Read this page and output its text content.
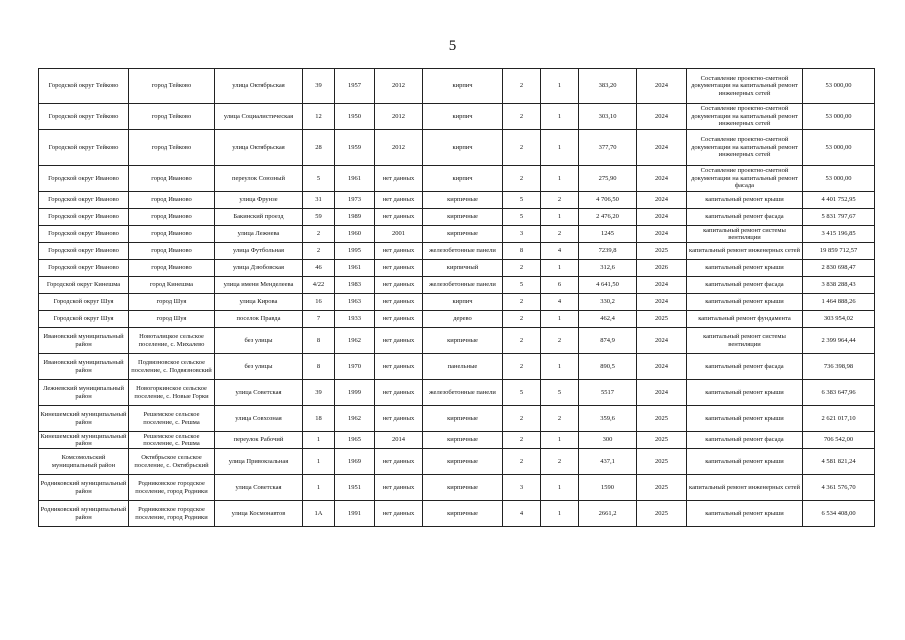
5
Городской округ Тейково	город Тейково	улица Октябрьская	39	1957	2012	кирпич	2	1	383,20	2024	Составление проектно-сметной документации на капитальный ремонт инженерных сетей	53 000,00
Городской округ Тейково	город Тейково	улица Социалистическая	12	1950	2012	кирпич	2	1	303,10	2024	Составление проектно-сметной документации на капитальный ремонт инженерных сетей	53 000,00
Городской округ Тейково	город Тейково	улица Октябрьская	28	1959	2012	кирпич	2	1	377,70	2024	Составление проектно-сметной документации на капитальный ремонт инженерных сетей	53 000,00
Городской округ Иваново	город Иваново	переулок Союзный	5	1961	нет данных	кирпич	2	1	275,90	2024	Составление проектно-сметной документации на капитальный ремонт фасада	53 000,00
Городской округ Иваново	город Иваново	улица Фрунзе	31	1973	нет данных	кирпичные	5	2	4 706,50	2024	капитальный ремонт крыши	4 401 752,95
Городской округ Иваново	город Иваново	Бакинский проезд	59	1989	нет данных	кирпичные	5	1	2 476,20	2024	капитальный ремонт фасада	5 831 797,67
Городской округ Иваново	город Иваново	улица Лежнева	2	1960	2001	кирпичные	3	2	1245	2024	капитальный ремонт системы вентиляции	3 415 196,85
Городской округ Иваново	город Иваново	улица Футбольная	2	1995	нет данных	железобетонные панели	8	4	7239,8	2025	капитальный ремонт инженерных сетей	19 859 712,57
Городской округ Иваново	город Иваново	улица Дзюбовская	46	1961	нет данных	кирпичный	2	1	312,6	2026	капитальный ремонт крыши	2 830 698,47
Городской округ Кинешма	город Кинешма	улица имени Менделеева	4/22	1983	нет данных	железобетонные панели	5	6	4 641,50	2024	капитальный ремонт фасада	3 838 288,43
Городской округ Шуя	город Шуя	улица Кирова	16	1963	нет данных	кирпич	2	4	330,2	2024	капитальный ремонт крыши	1 464 888,26
Городской округ Шуя	город Шуя	поселок Правда	7	1933	нет данных	дерево	2	1	462,4	2025	капитальный ремонт фундамента	303 954,02
Ивановский муниципальный район	Новоталицкое сельское поселение, с. Михалево	без улицы	8	1962	нет данных	кирпичные	2	2	874,9	2024	капитальный ремонт системы вентиляции	2 399 964,44
Ивановский муниципальный район	Подвязновское сельское поселение, с. Подвязновский	без улицы	8	1970	нет данных	панельные	2	1	890,5	2024	капитальный ремонт фасада	736 398,98
Лежневский муниципальный район	Новогоркинское сельское поселение, с. Новые Горки	улица Советская	39	1999	нет данных	железобетонные панели	5	5	5517	2024	капитальный ремонт крыши	6 383 647,96
Кинешемский муниципальный район	Решемское сельское поселение, с. Решма	улица Совхозная	18	1962	нет данных	кирпичные	2	2	359,6	2025	капитальный ремонт крыши	2 621 017,10
Кинешемский муниципальный район	Решемское сельское поселение, с. Решма	переулок Рабочий	1	1965	2014	кирпичные	2	1	300	2025	капитальный ремонт фасада	706 542,00
Комсомольский муниципальный район	Октябрьское сельское поселение, с. Октябрьский	улица Привокзальная	1	1969	нет данных	кирпичные	2	2	437,1	2025	капитальный ремонт крыши	4 581 821,24
Родниковский муниципальный район	Родниковское городское поселение, город Родники	улица Советская	1	1951	нет данных	кирпичные	3	1	1590	2025	капитальный ремонт инженерных сетей	4 361 576,70
Родниковский муниципальный район	Родниковское городское поселение, город Родники	улица Космонавтов	1А	1991	нет данных	кирпичные	4	1	2661,2	2025	капитальный ремонт крыши	6 534 408,00
